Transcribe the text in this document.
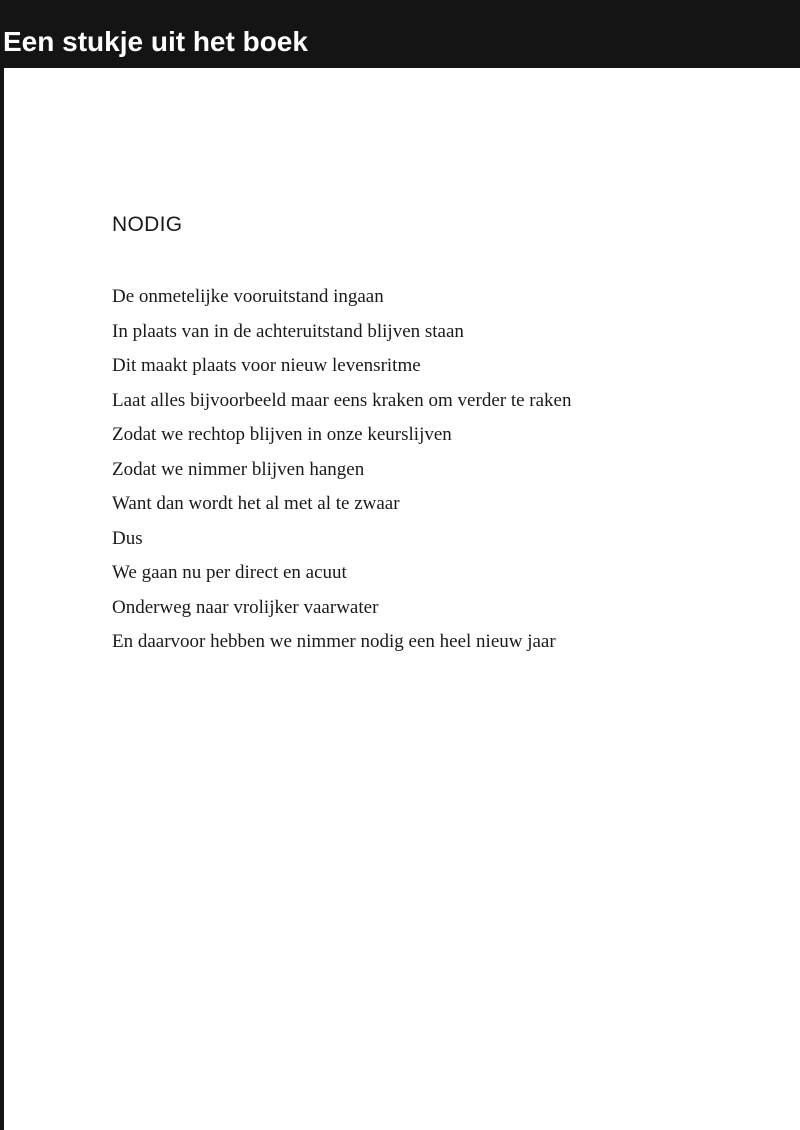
Een stukje uit het boek
NODIG
De onmetelijke vooruitstand ingaan
In plaats van in de achteruitstand blijven staan
Dit maakt plaats voor nieuw levensritme
Laat alles bijvoorbeeld maar eens kraken om verder te raken
Zodat we rechtop blijven in onze keurslijven
Zodat we nimmer blijven hangen
Want dan wordt het al met al te zwaar
Dus
We gaan nu per direct en acuut
Onderweg naar vrolijker vaarwater
En daarvoor hebben we nimmer nodig een heel nieuw jaar
